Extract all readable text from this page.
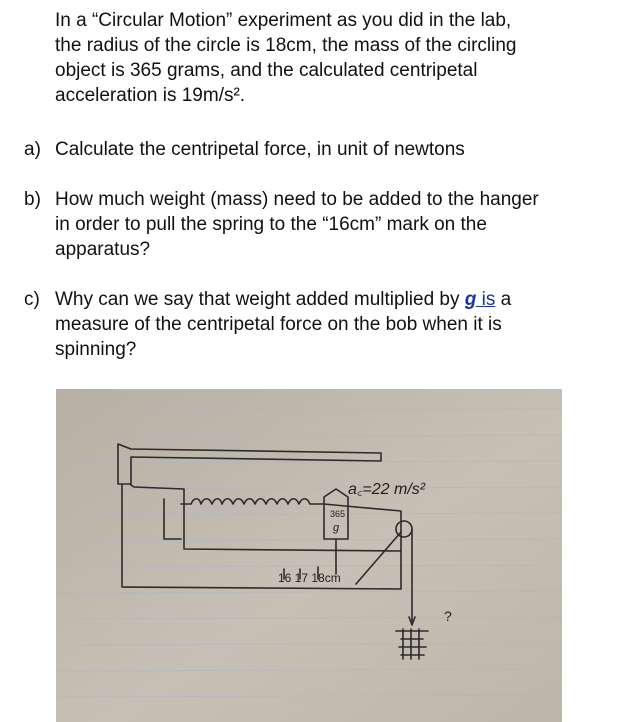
In a “Circular Motion” experiment as you did in the lab,
the radius of the circle is 18cm, the mass of the circling
object is 365 grams, and the calculated centripetal
acceleration is 19m/s².
a) Calculate the centripetal force, in unit of newtons
b) How much weight (mass) need to be added to the hanger
in order to pull the spring to the “16cm” mark on the
apparatus?
c) Why can we say that weight added multiplied by g is a
measure of the centripetal force on the bob when it is
spinning?
a꜀=22 m/s²
365
g
16 17 18cm
?
